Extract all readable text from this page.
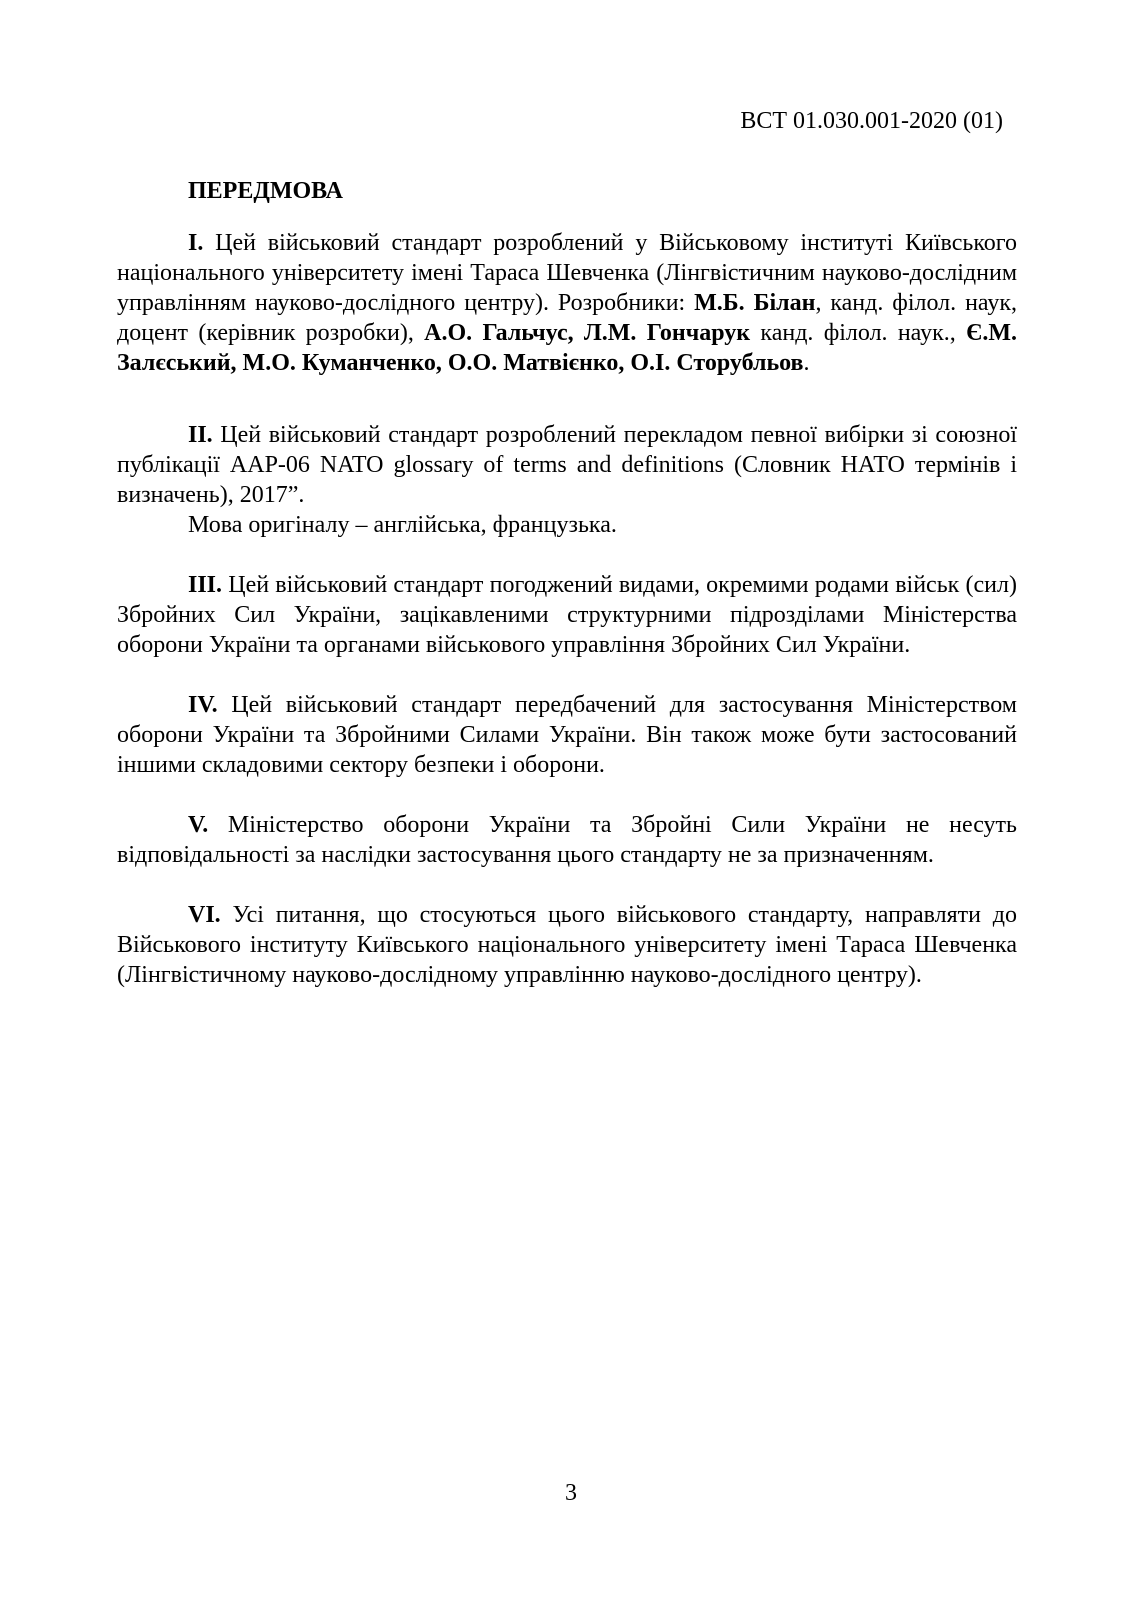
ВСТ 01.030.001-2020 (01)
ПЕРЕДМОВА

І. Цей військовий стандарт розроблений у Військовому інституті Київського національного університету імені Тараса Шевченка (Лінгвістичним науково-дослідним управлінням науково-дослідного центру). Розробники: М.Б. Білан, канд. філол. наук, доцент (керівник розробки), А.О. Гальчус, Л.М. Гончарук канд. філол. наук., Є.М. Залєський, М.О. Куманченко, О.О. Матвієнко, О.І. Сторубльов.

ІІ. Цей військовий стандарт розроблений перекладом певної вибірки зі союзної публікації AAP-06 NATO glossary of terms and definitions (Словник НАТО термінів і визначень), 2017”.

Мова оригіналу – англійська, французька.

ІІІ. Цей військовий стандарт погоджений видами, окремими родами військ (сил) Збройних Сил України, зацікавленими структурними підрозділами Міністерства оборони України та органами військового управління Збройних Сил України.

IV. Цей військовий стандарт передбачений для застосування Міністерством оборони України та Збройними Силами України. Він також може бути застосований іншими складовими сектору безпеки і оборони.

V. Міністерство оборони України та Збройні Сили України не несуть відповідальності за наслідки застосування цього стандарту не за призначенням.

VI. Усі питання, що стосуються цього військового стандарту, направляти до Військового інституту Київського національного університету імені Тараса Шевченка (Лінгвістичному науково-дослідному управлінню науково-дослідного центру).

3
